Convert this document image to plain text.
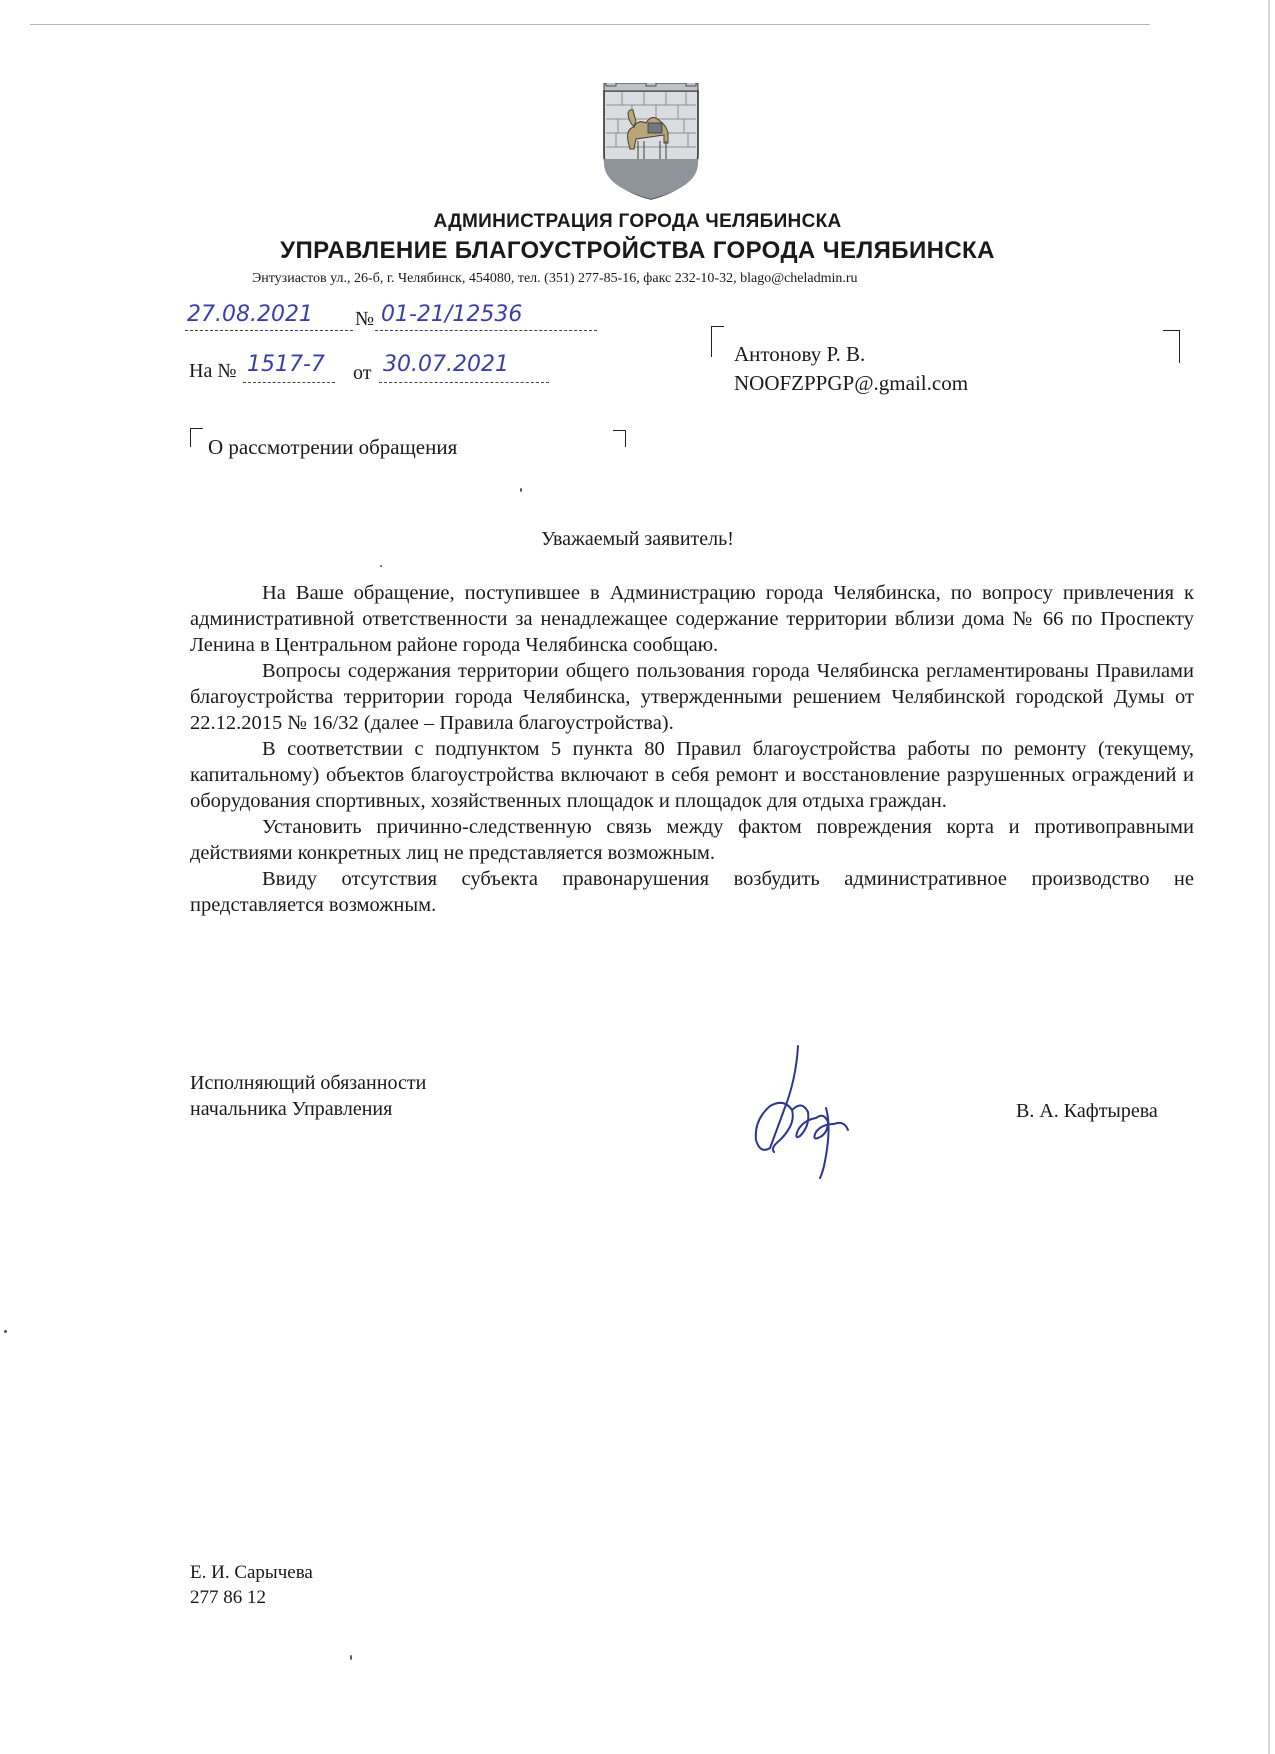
АДМИНИСТРАЦИЯ ГОРОДА ЧЕЛЯБИНСКА
УПРАВЛЕНИЕ БЛАГОУСТРОЙСТВА ГОРОДА ЧЕЛЯБИНСКА
Энтузиастов ул., 26-б, г. Челябинск, 454080, тел. (351) 277-85-16, факс 232-10-32, blago@cheladmin.ru
27.08.2021 № 01-21/12536
На № 1517-7 от 30.07.2021	Антонову Р. В.
NOOFZPPGP@.gmail.com
О рассмотрении обращения
Уважаемый заявитель!

На Ваше обращение, поступившее в Администрацию города Челябинска, по вопросу привлечения к административной ответственности за ненадлежащее содержание территории вблизи дома № 66 по Проспекту Ленина в Центральном районе города Челябинска сообщаю.

Вопросы содержания территории общего пользования города Челябинска регламентированы Правилами благоустройства территории города Челябинска, утвержденными решением Челябинской городской Думы от 22.12.2015 № 16/32 (далее – Правила благоустройства).

В соответствии с подпунктом 5 пункта 80 Правил благоустройства работы по ремонту (текущему, капитальному) объектов благоустройства включают в себя ремонт и восстановление разрушенных ограждений и оборудования спортивных, хозяйственных площадок и площадок для отдыха граждан.

Установить причинно-следственную связь между фактом повреждения корта и противоправными действиями конкретных лиц не представляется возможным.

Ввиду отсутствия субъекта правонарушения возбудить административное производство не представляется возможным.

Исполняющий обязанности
начальника Управления	В. А. Кафтырева
Е. И. Сарычева
277 86 12
